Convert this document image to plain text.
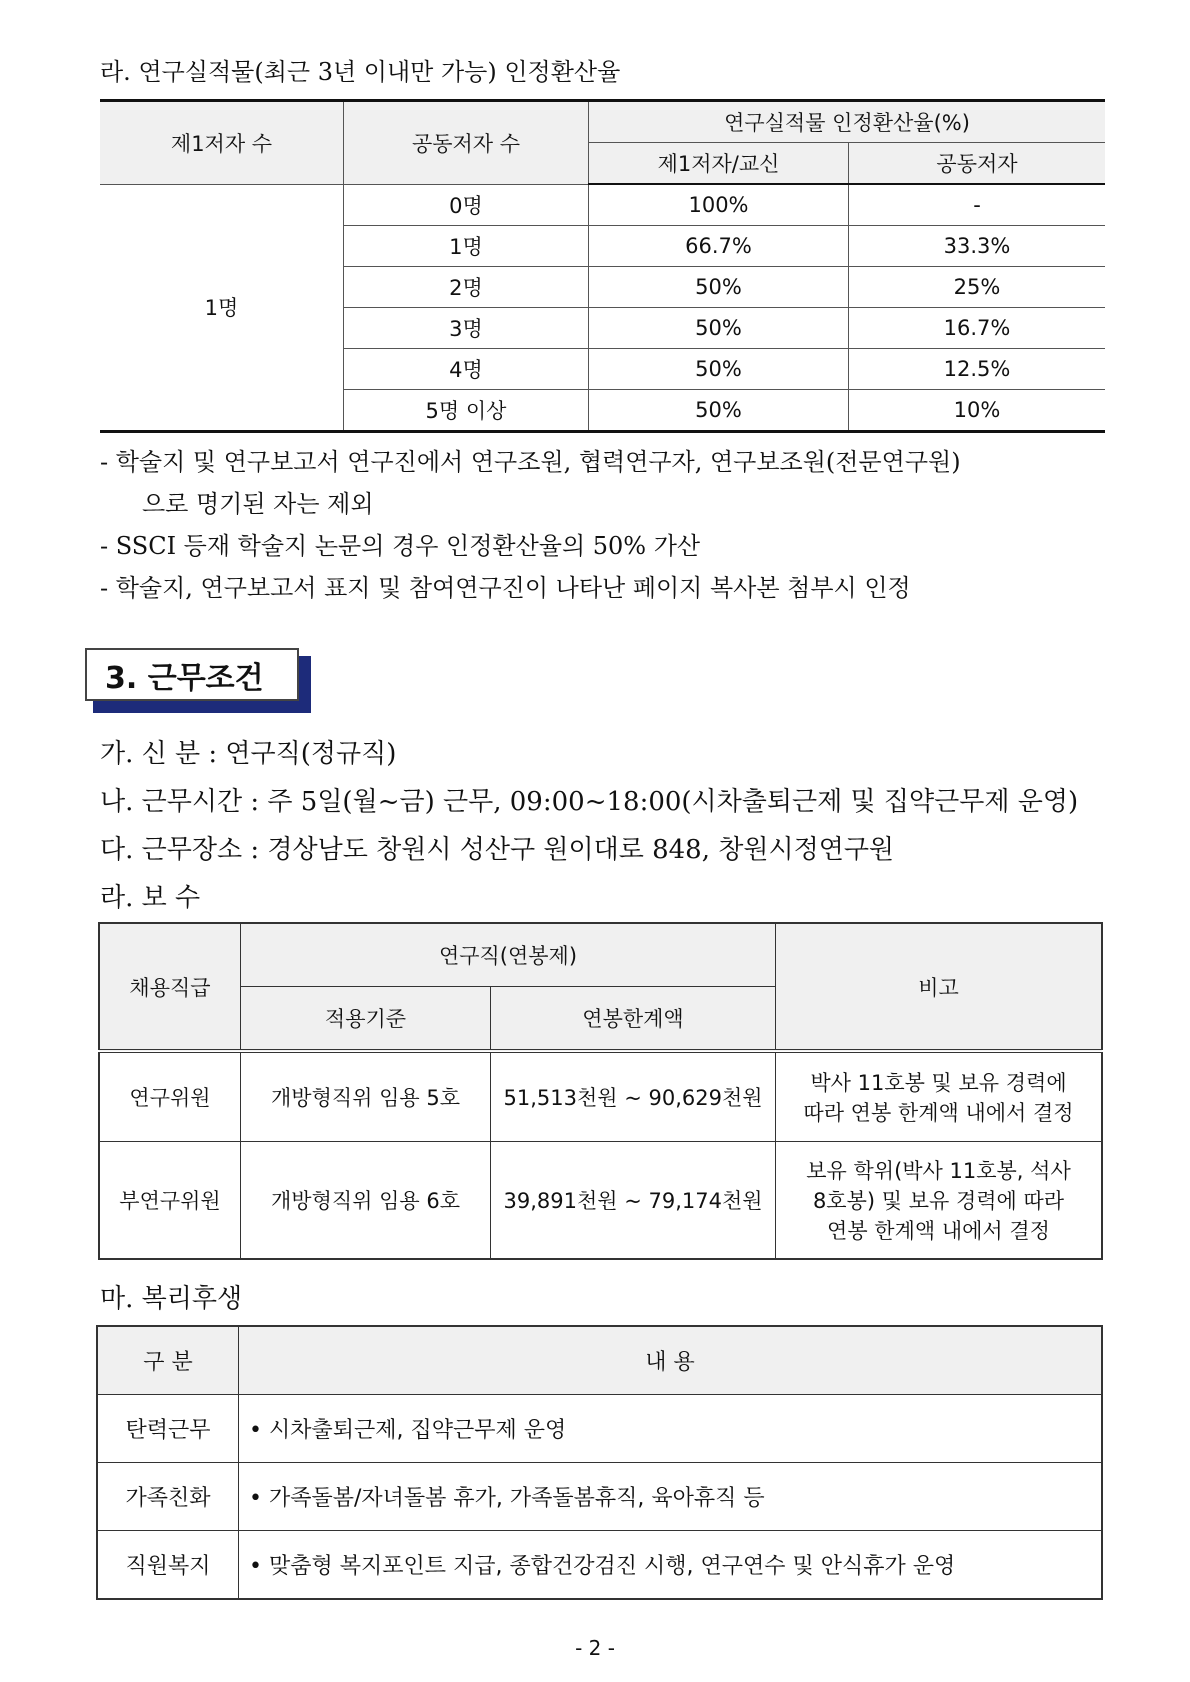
라. 연구실적물(최근 3년 이내만 가능) 인정환산율
제1저자 수	공동저자 수	연구실적물 인정환산율(%)	
		제1저자/교신	공동저자
1명	0명	100%	-
	1명	66.7%	33.3%
	2명	50%	25%
	3명	50%	16.7%
	4명	50%	12.5%
	5명 이상	50%	10%
- 학술지 및 연구보고서 연구진에서 연구조원, 협력연구자, 연구보조원(전문연구원)
으로 명기된 자는 제외
- SSCI 등재 학술지 논문의 경우 인정환산율의 50% 가산
- 학술지, 연구보고서 표지 및 참여연구진이 나타난 페이지 복사본 첨부시 인정
3. 근무조건
가. 신 분 : 연구직(정규직)
나. 근무시간 : 주 5일(월~금) 근무, 09:00~18:00(시차출퇴근제 및 집약근무제 운영)
다. 근무장소 : 경상남도 창원시 성산구 원이대로 848, 창원시정연구원
라. 보 수
채용직급	연구직(연봉제)		비고
	적용기준	연봉한계액	
연구위원	개방형직위 임용 5호	51,513천원 ~ 90,629천원	박사 11호봉 및 보유 경력에
따라 연봉 한계액 내에서 결정

부연구위원	개방형직위 임용 6호	39,891천원 ~ 79,174천원	보유 학위(박사 11호봉, 석사
8호봉) 및 보유 경력에 따라
연봉 한계액 내에서 결정
마. 복리후생
구 분	내 용
탄력근무	• 시차출퇴근제, 집약근무제 운영
가족친화	• 가족돌봄/자녀돌봄 휴가, 가족돌봄휴직, 육아휴직 등
직원복지	• 맞춤형 복지포인트 지급, 종합건강검진 시행, 연구연수 및 안식휴가 운영
- 2 -
